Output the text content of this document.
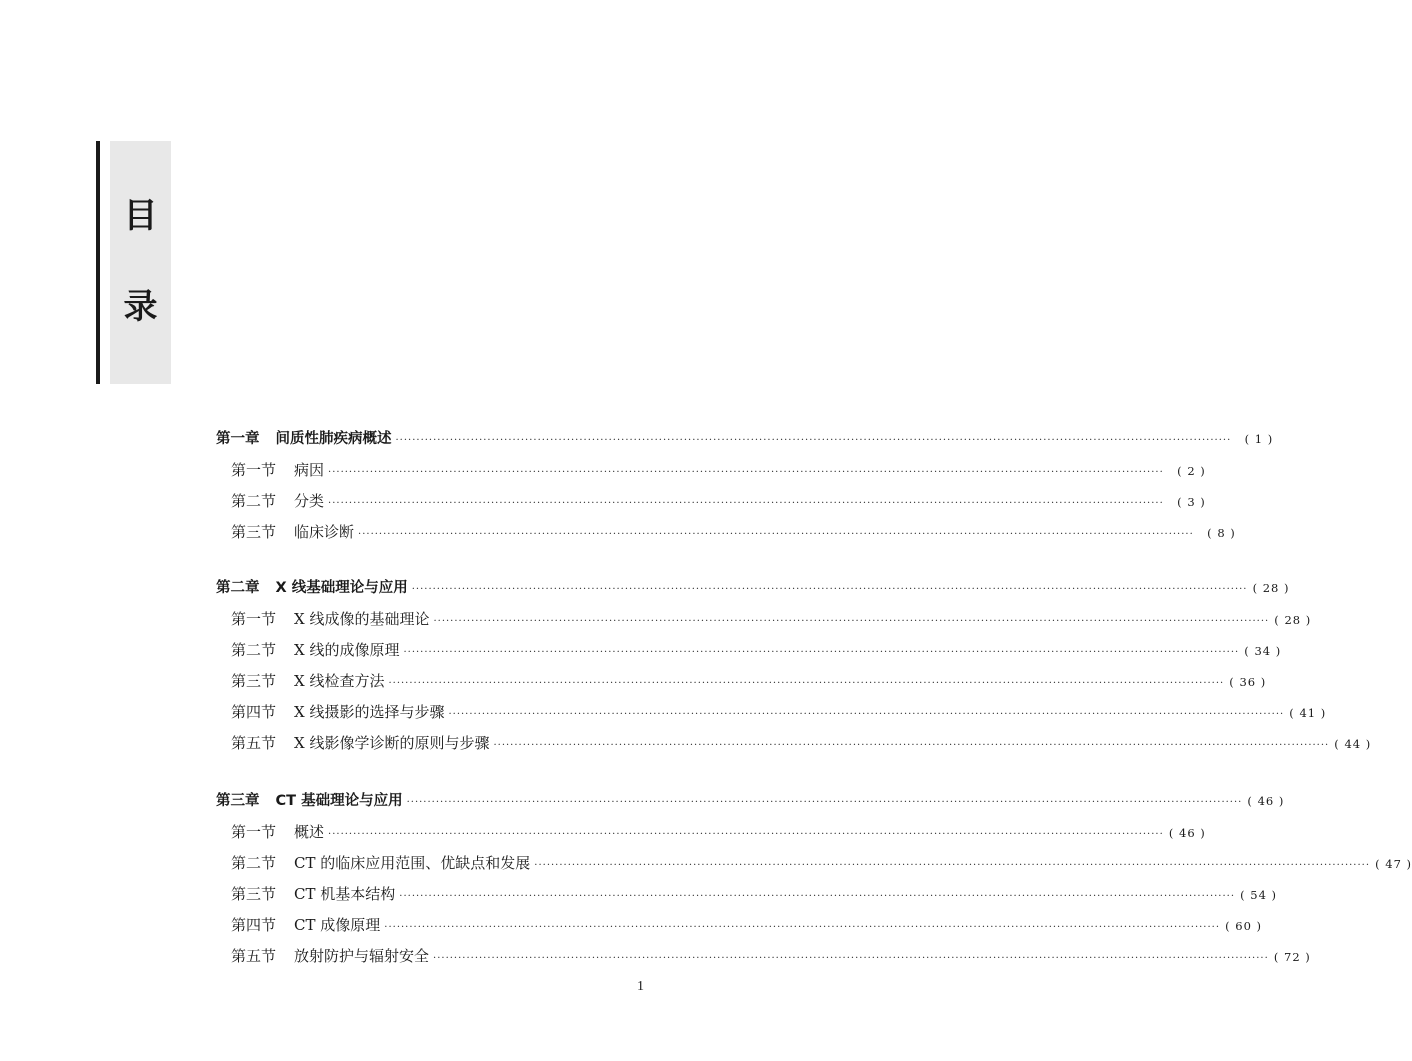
目
录
第一章 间质性肺疾病概述 ········································································································································································································	( 1 )
第一节 病因 ········································································································································································································	( 2 )
第二节 分类 ········································································································································································································	( 3 )
第三节 临床诊断 ········································································································································································································	( 8 )
第二章 X 线基础理论与应用 ········································································································································································································ ( 28 )
第一节 X 线成像的基础理论 ········································································································································································································ ( 28 )
第二节 X 线的成像原理 ········································································································································································································ ( 34 )
第三节 X 线检查方法 ········································································································································································································ ( 36 )
第四节 X 线摄影的选择与步骤 ········································································································································································································ ( 41 )
第五节 X 线影像学诊断的原则与步骤 ········································································································································································································ ( 44 )
第三章 CT 基础理论与应用 ········································································································································································································ ( 46 )
第一节 概述 ········································································································································································································ ( 46 )
第二节 CT 的临床应用范围、优缺点和发展 ········································································································································································································ ( 47 )
第三节 CT 机基本结构 ········································································································································································································ ( 54 )
第四节 CT 成像原理 ········································································································································································································ ( 60 )
第五节 放射防护与辐射安全 ········································································································································································································ ( 72 )
1
